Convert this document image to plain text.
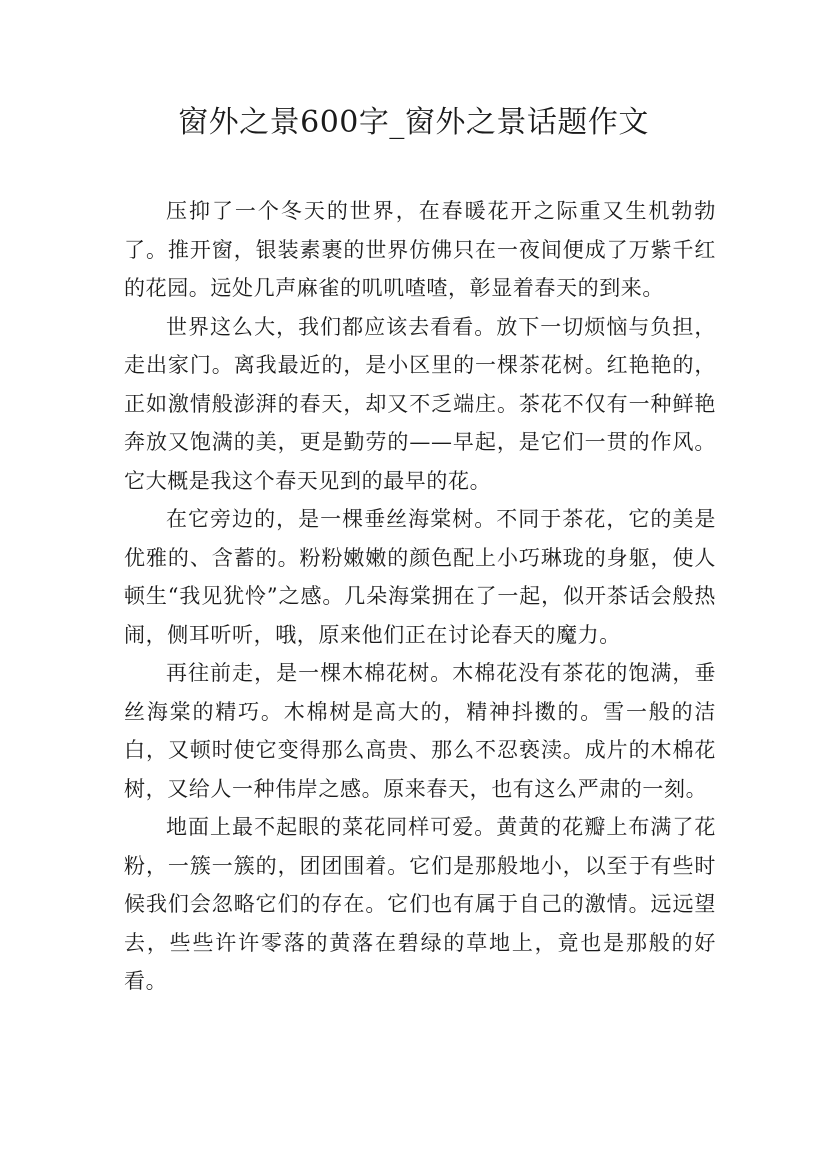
窗外之景600字_窗外之景话题作文

压抑了一个冬天的世界，在春暖花开之际重又生机勃勃了。推开窗，银装素裹的世界仿佛只在一夜间便成了万紫千红的花园。远处几声麻雀的叽叽喳喳，彰显着春天的到来。

世界这么大，我们都应该去看看。放下一切烦恼与负担，走出家门。离我最近的，是小区里的一棵茶花树。红艳艳的，正如激情般澎湃的春天，却又不乏端庄。茶花不仅有一种鲜艳奔放又饱满的美，更是勤劳的——早起，是它们一贯的作风。它大概是我这个春天见到的最早的花。

在它旁边的，是一棵垂丝海棠树。不同于茶花，它的美是优雅的、含蓄的。粉粉嫩嫩的颜色配上小巧琳珑的身躯，使人顿生“我见犹怜”之感。几朵海棠拥在了一起，似开茶话会般热闹，侧耳听听，哦，原来他们正在讨论春天的魔力。

再往前走，是一棵木棉花树。木棉花没有茶花的饱满，垂丝海棠的精巧。木棉树是高大的，精神抖擞的。雪一般的洁白，又顿时使它变得那么高贵、那么不忍亵渎。成片的木棉花树，又给人一种伟岸之感。原来春天，也有这么严肃的一刻。

地面上最不起眼的菜花同样可爱。黄黄的花瓣上布满了花粉，一簇一簇的，团团围着。它们是那般地小，以至于有些时候我们会忽略它们的存在。它们也有属于自己的激情。远远望去，些些许许零落的黄落在碧绿的草地上，竟也是那般的好看。
